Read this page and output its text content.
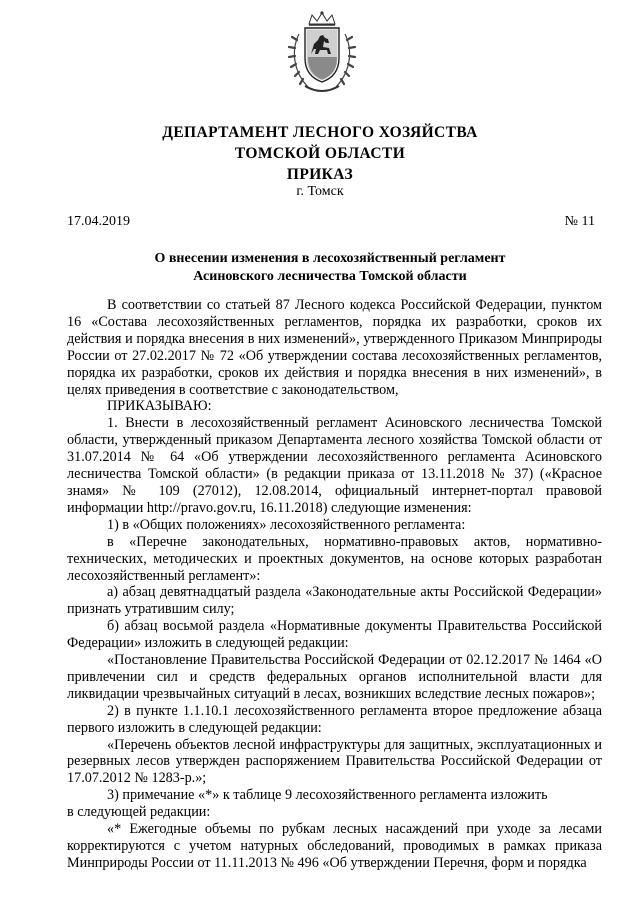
ДЕПАРТАМЕНТ ЛЕСНОГО ХОЗЯЙСТВА
ТОМСКОЙ ОБЛАСТИ
ПРИКАЗ
г. Томск
17.04.2019	№ 11
О внесении изменения в лесохозяйственный регламент
Асиновского лесничества Томской области

В соответствии со статьей 87 Лесного кодекса Российской Федерации, пунктом 16 «Состава лесохозяйственных регламентов, порядка их разработки, сроков их действия и порядка внесения в них изменений», утвержденного Приказом Минприроды России от 27.02.2017 № 72 «Об утверждении состава лесохозяйственных регламентов, порядка их разработки, сроков их действия и порядка внесения в них изменений», в целях приведения в соответствие с законодательством,

ПРИКАЗЫВАЮ:

1. Внести в лесохозяйственный регламент Асиновского лесничества Томской области, утвержденный приказом Департамента лесного хозяйства Томской области от 31.07.2014 № 64 «Об утверждении лесохозяйственного регламента Асиновского лесничества Томской области» (в редакции приказа от 13.11.2018 № 37) («Красное знамя» № 109 (27012), 12.08.2014, официальный интернет-портал правовой информации http://pravo.gov.ru, 16.11.2018) следующие изменения:

1) в «Общих положениях» лесохозяйственного регламента:

в «Перечне законодательных, нормативно-правовых актов, нормативно-технических, методических и проектных документов, на основе которых разработан лесохозяйственный регламент»:

а) абзац девятнадцатый раздела «Законодательные акты Российской Федерации» признать утратившим силу;

б) абзац восьмой раздела «Нормативные документы Правительства Российской Федерации» изложить в следующей редакции:

«Постановление Правительства Российской Федерации от 02.12.2017 № 1464 «О привлечении сил и средств федеральных органов исполнительной власти для ликвидации чрезвычайных ситуаций в лесах, возникших вследствие лесных пожаров»;

2) в пункте 1.1.10.1 лесохозяйственного регламента второе предложение абзаца первого изложить в следующей редакции:

«Перечень объектов лесной инфраструктуры для защитных, эксплуатационных и резервных лесов утвержден распоряжением Правительства Российской Федерации от 17.07.2012 № 1283-р.»;

3) примечание «*» к таблице 9 лесохозяйственного регламента изложить

в следующей редакции:

«* Ежегодные объемы по рубкам лесных насаждений при уходе за лесами корректируются с учетом натурных обследований, проводимых в рамках приказа Минприроды России от 11.11.2013 № 496 «Об утверждении Перечня, форм и порядка
